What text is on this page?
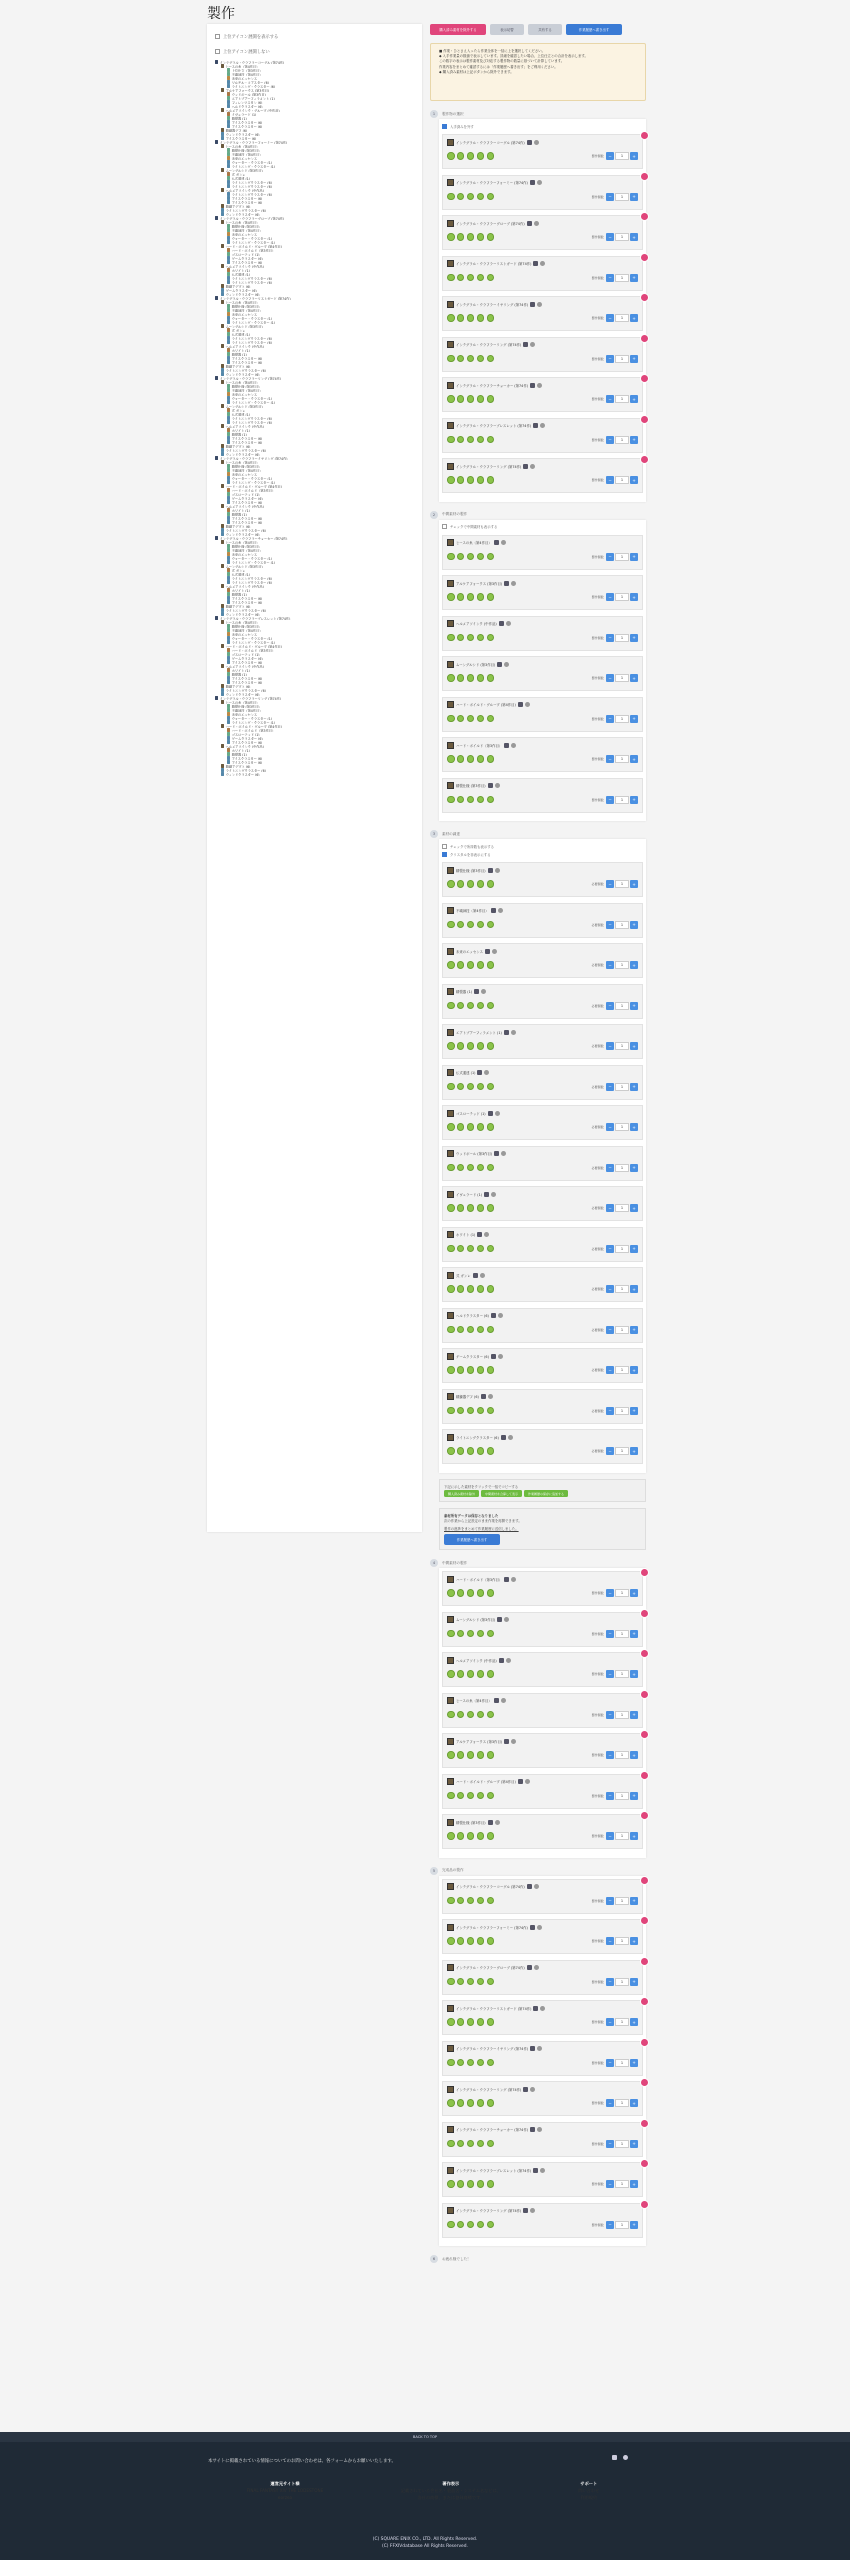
製作
上位アイコン展開を表示する
上位アイコン展開しない
インテグラル・ウラフラーコーグル (第74作)
ヒースの糸（第4作目）
上位仕立（第3作目）
不壊神技（第4作目）
未来のエッセンス
ワルモル・コアスター (6)
ライトニング・クラスター (6)
アルケアフォークス (第3作目)
ウッドボール (第3作目)
エアトブアーフィラメント (1)
フィレンツスタン (6)
ヘルドクラスター (6)
ヘルメアソインク・グループ (中作品)
イヴェラード (1)
精製器 (1)
アイスクラスター (6)
アイスクラスター (6)
精錬器デフ (6)
ウィンドクラスター (6)
アイスクラスター (6)
インテグラル・ウラフラーフォーミー (第74作)
ヒースの糸（第4作目）
精製仕様 (第3作目)
不壊神技（第4作目）
未来のエッセンス
ウォーター・クラスター (1)
ライトニング・クラスター (1)
ムーングルシド (第3作目)
式 ガンレ
仏式通達 (1)
ライトニングクラスター (6)
ライトニングクラスター (6)
ヘルメアソインク (中作品)
ライトニングクラスター (6)
アイスクラスター (6)
アイスクラスター (6)
精錬アデプト (6)
ライトニングクラスター (6)
ウィンドクラスター (6)
インテグラル・ウラフラーグローブ (第74作)
ヒースの糸（第4作目）
精製仕様 (第3作目)
不壊神技（第4作目）
未来のエッセンス
ウォーター・クラスター (1)
ライトニング・クラスター (1)
ハード・ボイルド・グループ (第4作目)
ハード・ボイルド（第3作目）
ゴスローテッド (1)
ゲームクラスター (6)
アイスクラスター (6)
ヘルメアソインク (中作品)
ホワイト (1)
仏式通達 (1)
ライトニングクラスター (6)
ライトニングクラスター (6)
精錬アデプト (6)
ゲームクラスター (6)
ウィンドクラスター (6)
インテグラル・ウラフラーリストガード (第74作)
ヒースの糸（第4作目）
精製仕様 (第3作目)
不壊神技（第4作目）
未来のエッセンス
ウォーター・クラスター (1)
ライトニング・クラスター (1)
ムーングルシド (第3作目)
式 ガンレ
仏式通達 (1)
ライトニングクラスター (6)
ライトニングクラスター (6)
ヘルメアソインク (中作品)
ホワイト (1)
精製器 (1)
アイスクラスター (6)
アイスクラスター (6)
精錬アデプト (6)
ライトニングクラスター (6)
ウィンドクラスター (6)
インテグラル・ウラフラーリング (第74作)
ヒースの糸（第4作目）
精製仕様 (第3作目)
不壊神技（第4作目）
未来のエッセンス
ウォーター・クラスター (1)
ライトニング・クラスター (1)
ムーングルシド (第3作目)
式 ガンレ
仏式通達 (1)
ライトニングクラスター (6)
ライトニングクラスター (6)
ヘルメアソインク (中作品)
ホワイト (1)
精製器 (1)
アイスクラスター (6)
アイスクラスター (6)
精錬アデプト (6)
ライトニングクラスター (6)
ウィンドクラスター (6)
インテグラル・ウラフラーイヤリング (第74作)
ヒースの糸（第4作目）
精製仕様 (第3作目)
不壊神技（第4作目）
未来のエッセンス
ウォーター・クラスター (1)
ライトニング・クラスター (1)
ハード・ボイルド・グループ (第4作目)
ハード・ボイルド（第3作目）
ゴスローテッド (1)
ゲームクラスター (6)
アイスクラスター (6)
ヘルメアソインク (中作品)
ホワイト (1)
精製器 (1)
アイスクラスター (6)
アイスクラスター (6)
精錬アデプト (6)
ライトニングクラスター (6)
ウィンドクラスター (6)
インテグラル・ウラフラーチョーカー (第74作)
ヒースの糸（第4作目）
精製仕様 (第3作目)
不壊神技（第4作目）
未来のエッセンス
ウォーター・クラスター (1)
ライトニング・クラスター (1)
ムーングルシド (第3作目)
式 ガンレ
仏式通達 (1)
ライトニングクラスター (6)
ライトニングクラスター (6)
ヘルメアソインク (中作品)
ホワイト (1)
精製器 (1)
アイスクラスター (6)
アイスクラスター (6)
精錬アデプト (6)
ライトニングクラスター (6)
ウィンドクラスター (6)
インテグラル・ウラフラーブレスレット (第74作)
ヒースの糸（第4作目）
精製仕様 (第3作目)
不壊神技（第4作目）
未来のエッセンス
ウォーター・クラスター (1)
ライトニング・クラスター (1)
ハード・ボイルド・グループ (第4作目)
ハード・ボイルド（第3作目）
ゴスローテッド (1)
ゲームクラスター (6)
アイスクラスター (6)
ヘルメアソインク (中作品)
ホワイト (1)
精製器 (1)
アイスクラスター (6)
アイスクラスター (6)
精錬アデプト (6)
ライトニングクラスター (6)
ウィンドクラスター (6)
インテグラル・ウラフラーリング (第74作)
ヒースの糸（第4作目）
精製仕様 (第3作目)
不壊神技（第4作目）
未来のエッセンス
ウォーター・クラスター (1)
ライトニング・クラスター (1)
ハード・ボイルド・グループ (第4作目)
ハード・ボイルド（第3作目）
ゴスローテッド (1)
ゲームクラスター (6)
アイスクラスター (6)
ヘルメアソインク (中作品)
ホワイト (1)
精製器 (1)
アイスクラスター (6)
アイスクラスター (6)
精錬アデプト (6)
ライトニングクラスター (6)
ウィンドクラスター (6)
購入済み素材を除外する	表示切替	共有する	作業履歴へ書き出す
■ 作業・ひとさえ入ったら作業全体を一括に上を選択してください。
◆ 入手作業量の数値で表示しています。詳細を確認したい場合、上位仕立との合計を表示します。
この数字の表示は製作素材及び対応する製作物の数量に基づいて計算しています。
作業内容をまとめて確認するには「作業履歴へ書き出す」をご利用ください。
◆ 購入済み素材は上記ボタンから除外できます。
1	製作物の選択
入手済みを外す
インテグラル・ウラフラーコーグル (第74作)
製作個数	−	1	+
インテグラル・ウラフラーフォーミー (第74作)
製作個数	−	1	+
インテグラル・ウラフラーグローブ (第74作)
製作個数	−	1	+
インテグラル・ウラフラーリストガード (第74作)
製作個数	−	1	+
インテグラル・ウラフラーイヤリング (第74作)
製作個数	−	1	+
インテグラル・ウラフラーリング (第74作)
製作個数	−	1	+
インテグラル・ウラフラーチョーカー (第74作)
製作個数	−	1	+
インテグラル・ウラフラーブレスレット (第74作)
製作個数	−	1	+
インテグラル・ウラフラーリング (第74作)
製作個数	−	1	+
2	中間素材の製作
チェックで中間素材も表示する
ヒースの糸（第4作目）
製作個数	−	1	+
アルケアフォークス (第3作目)
製作個数	−	1	+
ヘルメアソインク (中作品)
製作個数	−	1	+
ムーングルシド (第3作目)
製作個数	−	1	+
ハード・ボイルド・グループ (第4作目)
製作個数	−	1	+
ハード・ボイルド（第3作目）
製作個数	−	1	+
精製仕様 (第3作目)
製作個数	−	1	+
3	素材の調達
チェックで所持数も表示する
クリスタルを非表示にする
精製仕様 (第3作目)
必要個数	−	1	+
不壊神技（第4作目）
必要個数	−	1	+
未来のエッセンス
必要個数	−	1	+
精製器 (1)
必要個数	−	1	+
エアトブアーフィラメント (1)
必要個数	−	1	+
仏式通達 (1)
必要個数	−	1	+
ゴスローテッド (1)
必要個数	−	1	+
ウッドボール (第3作目)
必要個数	−	1	+
イヴェラード (1)
必要個数	−	1	+
ホワイト (1)
必要個数	−	1	+
式 ガンレ
必要個数	−	1	+
ヘルドクラスター (6)
必要個数	−	1	+
ゲームクラスター (6)
必要個数	−	1	+
精錬器デフ (6)
必要個数	−	1	+
ライトニングクラスター (6)
必要個数	−	1	+
下記に示した素材をクリックで一括でコピーする
購入済み素材を除外	中間素材を合算して表示	作業履歴の保存に追加する
素材所有データは保存となりました
次の作業から上記設定のまま作業を再開できます。
製作の進捗をまとめて作業履歴に送信しました。
作業履歴へ書き出す
4	中間素材の製作
ハード・ボイルド（第3作目）
製作個数	−	1	+
ムーングルシド (第3作目)
製作個数	−	1	+
ヘルメアソインク (中作品)
製作個数	−	1	+
ヒースの糸（第4作目）
製作個数	−	1	+
アルケアフォークス (第3作目)
製作個数	−	1	+
ハード・ボイルド・グループ (第4作目)
製作個数	−	1	+
精製仕様 (第3作目)
製作個数	−	1	+
5	完成品の製作
インテグラル・ウラフラーコーグル (第74作)
製作個数	−	1	+
インテグラル・ウラフラーフォーミー (第74作)
製作個数	−	1	+
インテグラル・ウラフラーグローブ (第74作)
製作個数	−	1	+
インテグラル・ウラフラーリストガード (第74作)
製作個数	−	1	+
インテグラル・ウラフラーイヤリング (第74作)
製作個数	−	1	+
インテグラル・ウラフラーリング (第74作)
製作個数	−	1	+
インテグラル・ウラフラーチョーカー (第74作)
製作個数	−	1	+
インテグラル・ウラフラーブレスレット (第74作)
製作個数	−	1	+
インテグラル・ウラフラーリング (第74作)
製作個数	−	1	+
6	お疲れ様でした！
BACK TO TOP
本サイトに掲載されている情報についてのお問い合わせは、各フォームからお願いいたします。
運営元サイト様
FINAL FANTASY XIV THE LODESTONE
eorzea
著作表示
記載されている会社名・製品名・システム名などは、
各社の商標、または登録商標です。
サポート
問い合わせ
利用規約
(C) SQUARE ENIX CO., LTD. All Rights Reserved.
(C) FFXIVdatabase All Rights Reserved.
